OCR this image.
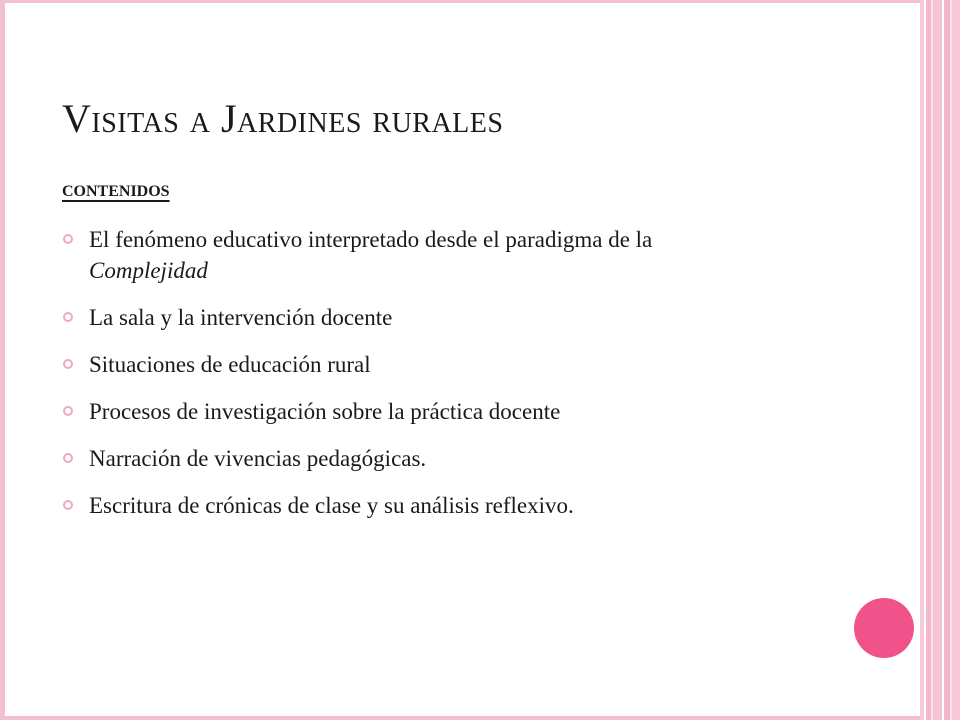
Visitas a Jardines rurales
contenidos
El fenómeno educativo interpretado desde el paradigma de la Complejidad
La sala y la intervención docente
Situaciones de educación rural
Procesos de investigación sobre la práctica docente
Narración de vivencias pedagógicas.
Escritura de crónicas de clase y su análisis reflexivo.
